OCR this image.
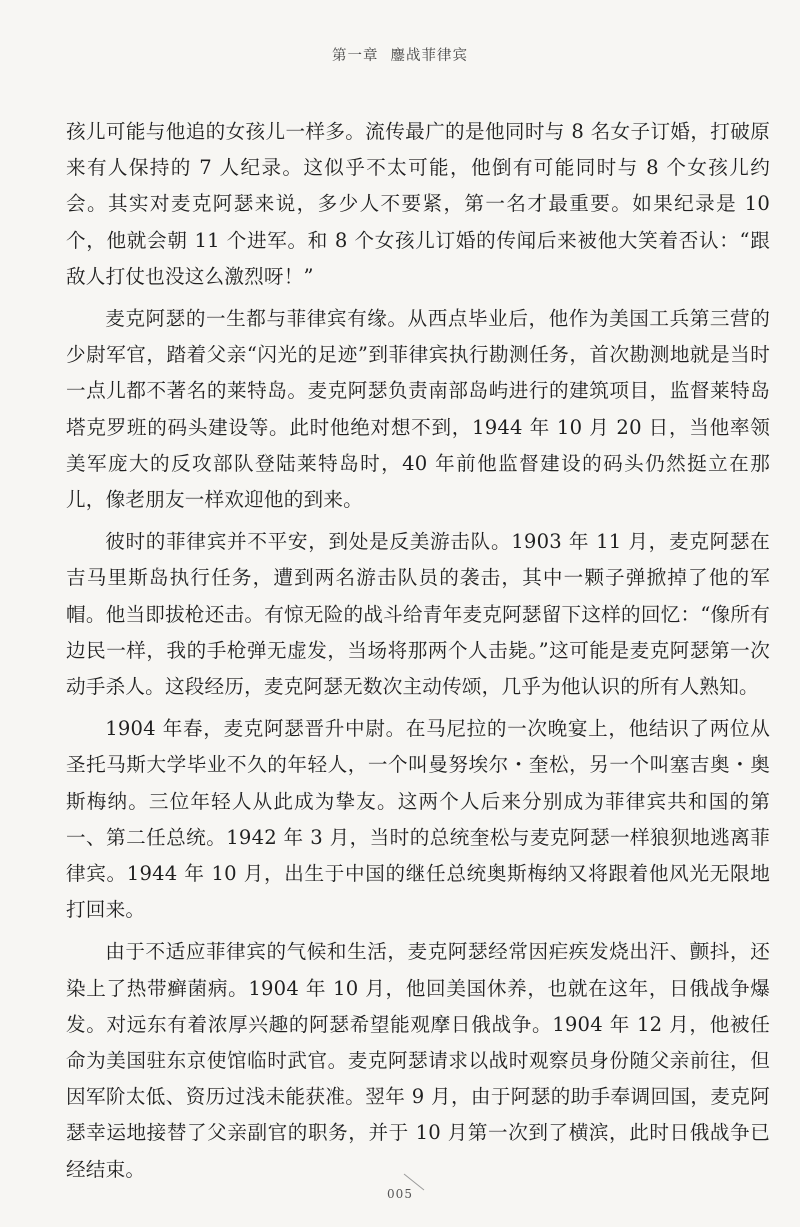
第一章 鏖战菲律宾

孩儿可能与他追的女孩儿一样多。流传最广的是他同时与 8 名女子订婚，打破原来有人保持的 7 人纪录。这似乎不太可能，他倒有可能同时与 8 个女孩儿约会。其实对麦克阿瑟来说，多少人不要紧，第一名才最重要。如果纪录是 10 个，他就会朝 11 个进军。和 8 个女孩儿订婚的传闻后来被他大笑着否认：“跟敌人打仗也没这么激烈呀！”

麦克阿瑟的一生都与菲律宾有缘。从西点毕业后，他作为美国工兵第三营的少尉军官，踏着父亲“闪光的足迹”到菲律宾执行勘测任务，首次勘测地就是当时一点儿都不著名的莱特岛。麦克阿瑟负责南部岛屿进行的建筑项目，监督莱特岛塔克罗班的码头建设等。此时他绝对想不到，1944 年 10 月 20 日，当他率领美军庞大的反攻部队登陆莱特岛时，40 年前他监督建设的码头仍然挺立在那儿，像老朋友一样欢迎他的到来。

彼时的菲律宾并不平安，到处是反美游击队。1903 年 11 月，麦克阿瑟在吉马里斯岛执行任务，遭到两名游击队员的袭击，其中一颗子弹掀掉了他的军帽。他当即拔枪还击。有惊无险的战斗给青年麦克阿瑟留下这样的回忆：“像所有边民一样，我的手枪弹无虚发，当场将那两个人击毙。”这可能是麦克阿瑟第一次动手杀人。这段经历，麦克阿瑟无数次主动传颂，几乎为他认识的所有人熟知。

1904 年春，麦克阿瑟晋升中尉。在马尼拉的一次晚宴上，他结识了两位从圣托马斯大学毕业不久的年轻人，一个叫曼努埃尔・奎松，另一个叫塞吉奥・奥斯梅纳。三位年轻人从此成为挚友。这两个人后来分别成为菲律宾共和国的第一、第二任总统。1942 年 3 月，当时的总统奎松与麦克阿瑟一样狼狈地逃离菲律宾。1944 年 10 月，出生于中国的继任总统奥斯梅纳又将跟着他风光无限地打回来。

由于不适应菲律宾的气候和生活，麦克阿瑟经常因疟疾发烧出汗、颤抖，还染上了热带癣菌病。1904 年 10 月，他回美国休养，也就在这年，日俄战争爆发。对远东有着浓厚兴趣的阿瑟希望能观摩日俄战争。1904 年 12 月，他被任命为美国驻东京使馆临时武官。麦克阿瑟请求以战时观察员身份随父亲前往，但因军阶太低、资历过浅未能获准。翌年 9 月，由于阿瑟的助手奉调回国，麦克阿瑟幸运地接替了父亲副官的职务，并于 10 月第一次到了横滨，此时日俄战争已经结束。

005
